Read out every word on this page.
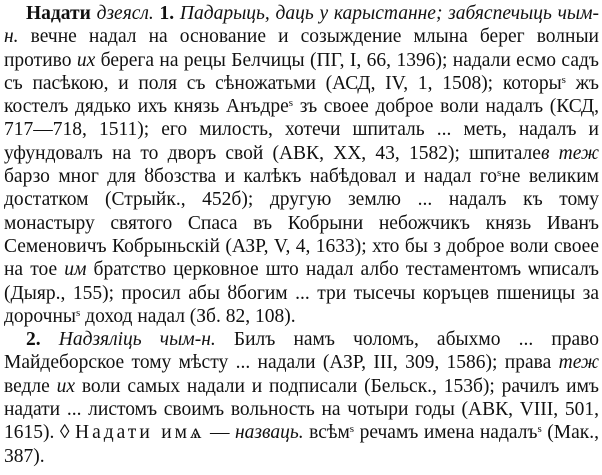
Надати дзеясл. 1. Падарыць, даць у карыстанне; забяспечыць чым-н. вечне надал на основание и созыждение млына берег волныи противо их берега на рецы Белчицы (ПГ, I, 66, 1396); надали есмо садъ съ пасѣкою, и поля съ сѣножатьми (АСД, IV, 1, 1508); которы$^s$ жъ костелъ дядько ихъ князь Анъдре$^s$ зъ своее доброе воли надалъ (КСД, 717—718, 1511); его милость, хотечи шпиталь ... меть, надалъ и уфундовалъ на то дворъ свой (АВК, XX, 43, 1582); шпиталев теж барзо мног для ȣбозства и калѣкъ набѣдовал и надал $го^sне$ великим достатком (Стрыйк., 452б); другую землю ... надалъ къ тому монастыру святого Спаса въ Кобрыни небожчикъ князь Иванъ Семеновичъ Кобрыньскій (АЗР, V, 4, 1633); хто бы з доброе воли своее на тое им братство церковное што надал албо тестаментомъ ѡписалъ (Дыяр., 155); просил абы ȣбогим ... три тысечы коръцев пшеницы за дорочны$^s$ доход надал (Зб. 82, 108).

2. Надзяліць чым-н. Билъ намъ чоломъ, абыхмо ... право Майдеборское тому мѣсту ... надали (АЗР, III, 309, 1586); права теж ведле их воли самых надали и подписали (Бельск., 153б); рачилъ имъ надати ... листомъ своимъ вольность на чотыри годы (АВК, VIII, 501, 1615). ◊ Надати имѧ — назваць. всѣм$^s$ речамъ имена надалъ$^s$ (Мак., 387).
